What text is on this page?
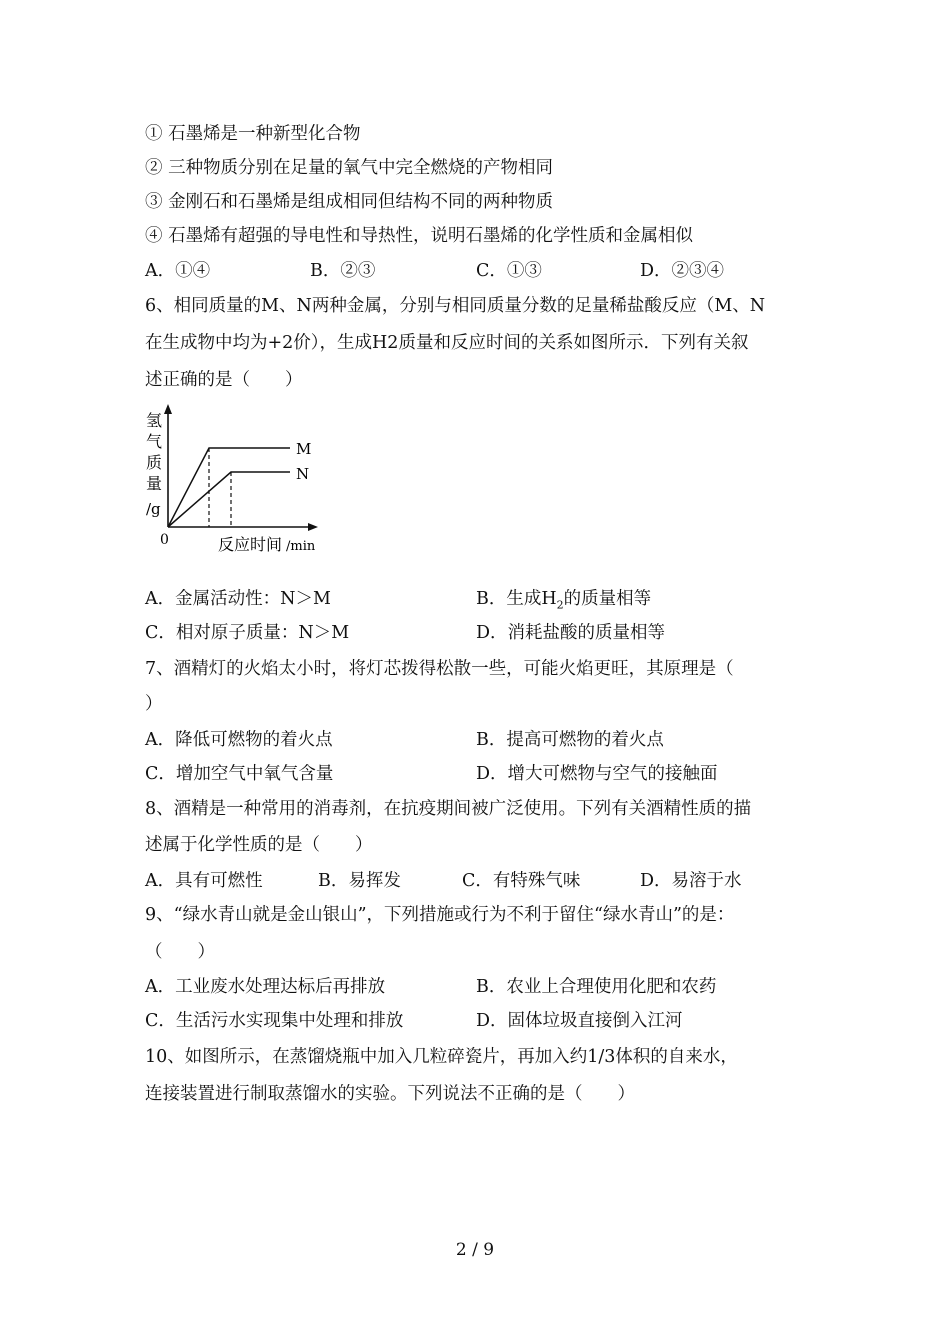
① 石墨烯是一种新型化合物
② 三种物质分别在足量的氧气中完全燃烧的产物相同
③ 金刚石和石墨烯是组成相同但结构不同的两种物质
④ 石墨烯有超强的导电性和导热性，说明石墨烯的化学性质和金属相似
A．①④	B．②③	C．①③	D．②③④
6、相同质量的M、N两种金属，分别与相同质量分数的足量稀盐酸反应（M、N
在生成物中均为+2价），生成H2质量和反应时间的关系如图所示．下列有关叙
述正确的是（　　）
M
N
氢
气
质
量
/g
0	反应时间 /min
A．金属活动性：N＞M	B．生成$H_2$的质量相等
C．相对原子质量：N＞M	D．消耗盐酸的质量相等
7、酒精灯的火焰太小时，将灯芯拨得松散一些，可能火焰更旺，其原理是（
）
A．降低可燃物的着火点	B．提高可燃物的着火点
C．增加空气中氧气含量	D．增大可燃物与空气的接触面
8、酒精是一种常用的消毒剂，在抗疫期间被广泛使用。下列有关酒精性质的描
述属于化学性质的是（　　）
A．具有可燃性	B．易挥发	C．有特殊气味	D．易溶于水
9、“绿水青山就是金山银山”，下列措施或行为不利于留住“绿水青山”的是：
（　　）
A．工业废水处理达标后再排放	B．农业上合理使用化肥和农药
C．生活污水实现集中处理和排放	D．固体垃圾直接倒入江河
10、如图所示，在蒸馏烧瓶中加入几粒碎瓷片，再加入约1/3体积的自来水，
连接装置进行制取蒸馏水的实验。下列说法不正确的是（　　）
2 / 9
